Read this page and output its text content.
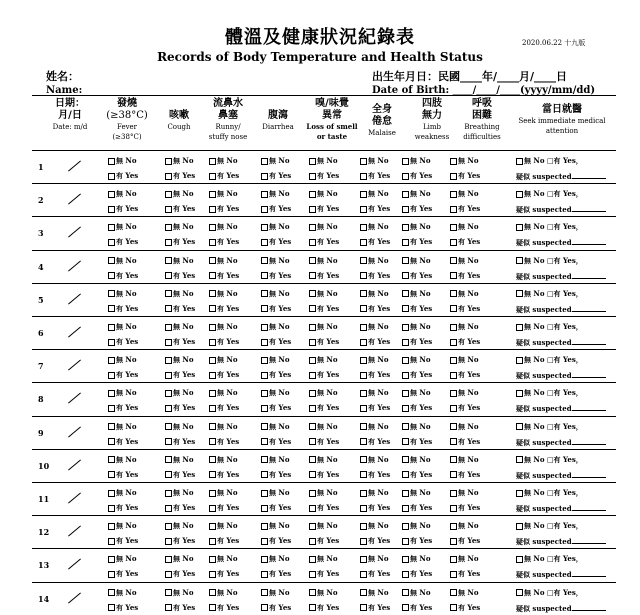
體溫及健康狀況紀錄表
Records of Body Temperature and Health Status
2020.06.22 十九版
姓名：
Name:
出生年月日：民國____年/____月/____日
Date of Birth: ____/____/____(yyyy/mm/dd)
日期：月/日
Date: m/d
發燒
(≥38°C)
Fever
(≥38°C)
咳嗽
Cough
流鼻水
鼻塞
Runny/
stuffy nose
腹瀉
Diarrhea
嗅/味覺
異常
Loss of smell
or taste
全身
倦怠
Malaise
四肢
無力
Limb
weakness
呼吸
困難
Breathing
difficulties
當日就醫
Seek immediate medical
attention
1
無 No
有 Yes
無 No
有 Yes
無 No
有 Yes
無 No
有 Yes
無 No
有 Yes
無 No
有 Yes
無 No
有 Yes
無 No
有 Yes
無 No □有 Yes，
疑似 suspected
2
無 No
有 Yes
無 No
有 Yes
無 No
有 Yes
無 No
有 Yes
無 No
有 Yes
無 No
有 Yes
無 No
有 Yes
無 No
有 Yes
無 No □有 Yes，
疑似 suspected
3
無 No
有 Yes
無 No
有 Yes
無 No
有 Yes
無 No
有 Yes
無 No
有 Yes
無 No
有 Yes
無 No
有 Yes
無 No
有 Yes
無 No □有 Yes，
疑似 suspected
4
無 No
有 Yes
無 No
有 Yes
無 No
有 Yes
無 No
有 Yes
無 No
有 Yes
無 No
有 Yes
無 No
有 Yes
無 No
有 Yes
無 No □有 Yes，
疑似 suspected
5
無 No
有 Yes
無 No
有 Yes
無 No
有 Yes
無 No
有 Yes
無 No
有 Yes
無 No
有 Yes
無 No
有 Yes
無 No
有 Yes
無 No □有 Yes，
疑似 suspected
6
無 No
有 Yes
無 No
有 Yes
無 No
有 Yes
無 No
有 Yes
無 No
有 Yes
無 No
有 Yes
無 No
有 Yes
無 No
有 Yes
無 No □有 Yes，
疑似 suspected
7
無 No
有 Yes
無 No
有 Yes
無 No
有 Yes
無 No
有 Yes
無 No
有 Yes
無 No
有 Yes
無 No
有 Yes
無 No
有 Yes
無 No □有 Yes，
疑似 suspected
8
無 No
有 Yes
無 No
有 Yes
無 No
有 Yes
無 No
有 Yes
無 No
有 Yes
無 No
有 Yes
無 No
有 Yes
無 No
有 Yes
無 No □有 Yes，
疑似 suspected
9
無 No
有 Yes
無 No
有 Yes
無 No
有 Yes
無 No
有 Yes
無 No
有 Yes
無 No
有 Yes
無 No
有 Yes
無 No
有 Yes
無 No □有 Yes，
疑似 suspected
10
無 No
有 Yes
無 No
有 Yes
無 No
有 Yes
無 No
有 Yes
無 No
有 Yes
無 No
有 Yes
無 No
有 Yes
無 No
有 Yes
無 No □有 Yes，
疑似 suspected
11
無 No
有 Yes
無 No
有 Yes
無 No
有 Yes
無 No
有 Yes
無 No
有 Yes
無 No
有 Yes
無 No
有 Yes
無 No
有 Yes
無 No □有 Yes，
疑似 suspected
12
無 No
有 Yes
無 No
有 Yes
無 No
有 Yes
無 No
有 Yes
無 No
有 Yes
無 No
有 Yes
無 No
有 Yes
無 No
有 Yes
無 No □有 Yes，
疑似 suspected
13
無 No
有 Yes
無 No
有 Yes
無 No
有 Yes
無 No
有 Yes
無 No
有 Yes
無 No
有 Yes
無 No
有 Yes
無 No
有 Yes
無 No □有 Yes，
疑似 suspected
14
無 No
有 Yes
無 No
有 Yes
無 No
有 Yes
無 No
有 Yes
無 No
有 Yes
無 No
有 Yes
無 No
有 Yes
無 No
有 Yes
無 No □有 Yes，
疑似 suspected
